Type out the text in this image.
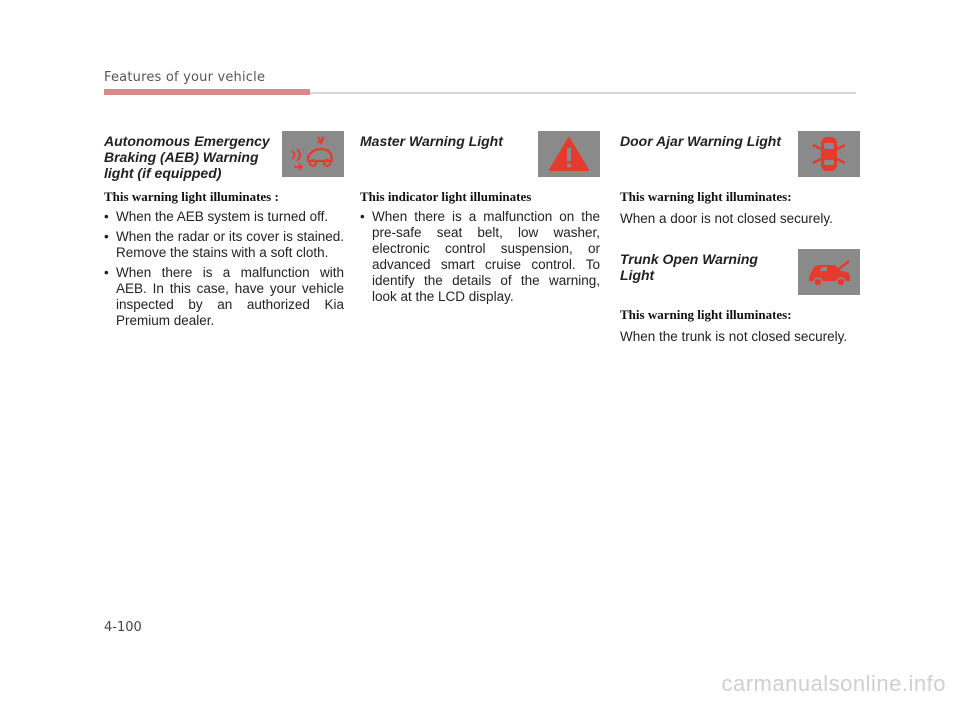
Features of your vehicle
Autonomous Emergency Braking (AEB) Warning light (if equipped)
This warning light illuminates :
• When the AEB system is turned off.
• When the radar or its cover is stained. Remove the stains with a soft cloth.
• When there is a malfunction with AEB. In this case, have your vehicle inspected by an authorized Kia Premium dealer.
Master Warning Light
This indicator light illuminates
• When there is a malfunction on the pre-safe seat belt, low washer, electronic control suspension, or advanced smart cruise control. To identify the details of the warning, look at the LCD display.
Door Ajar Warning Light
This warning light illuminates:

When a door is not closed securely.

Trunk Open Warning Light
This warning light illuminates:

When the trunk is not closed securely.

4-100
carmanualsonline.info
